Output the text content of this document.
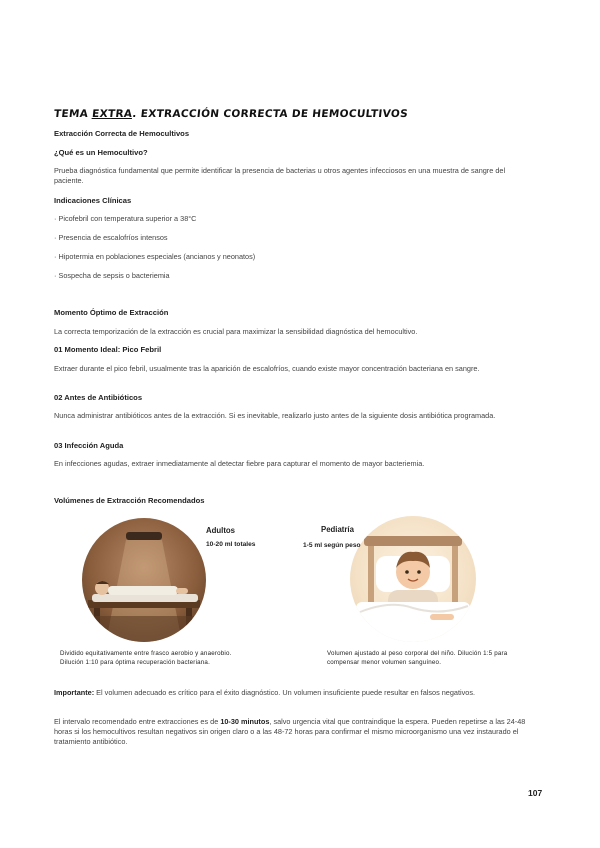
TEMA EXTRA. EXTRACCIÓN CORRECTA DE HEMOCULTIVOS
Extracción Correcta de Hemocultivos
¿Qué es un Hemocultivo?
Prueba diagnóstica fundamental que permite identificar la presencia de bacterias u otros agentes infecciosos en una muestra de sangre del paciente.
Indicaciones Clínicas
· Picofebril con temperatura superior a 38°C
· Presencia de escalofríos intensos
· Hipotermia en poblaciones especiales (ancianos y neonatos)
· Sospecha de sepsis o bacteriemia
Momento Óptimo de Extracción
La correcta temporización de la extracción es crucial para maximizar la sensibilidad diagnóstica del hemocultivo.
01 Momento Ideal: Pico Febril
Extraer durante el pico febril, usualmente tras la aparición de escalofríos, cuando existe mayor concentración bacteriana en sangre.
02 Antes de Antibióticos
Nunca administrar antibióticos antes de la extracción. Si es inevitable, realizarlo justo antes de la siguiente dosis antibiótica programada.
03 Infección Aguda
En infecciones agudas, extraer inmediatamente al detectar fiebre para capturar el momento de mayor bacteriemia.
Volúmenes de Extracción Recomendados
Adultos
10-20 ml totales
Pediatría
1-5 ml según peso
Dividido equitativamente entre frasco aerobio y anaerobio.
Dilución 1:10 para óptima recuperación bacteriana.
Volumen ajustado al peso corporal del niño. Dilución 1:5 para
compensar menor volumen sanguíneo.
Importante: El volumen adecuado es crítico para el éxito diagnóstico. Un volumen insuficiente puede resultar en falsos negativos.
El intervalo recomendado entre extracciones es de 10-30 minutos, salvo urgencia vital que contraindique la espera. Pueden repetirse a las 24-48 horas si los hemocultivos resultan negativos sin origen claro o a las 48-72 horas para confirmar el mismo microorganismo una vez instaurado el tratamiento antibiótico.
107
